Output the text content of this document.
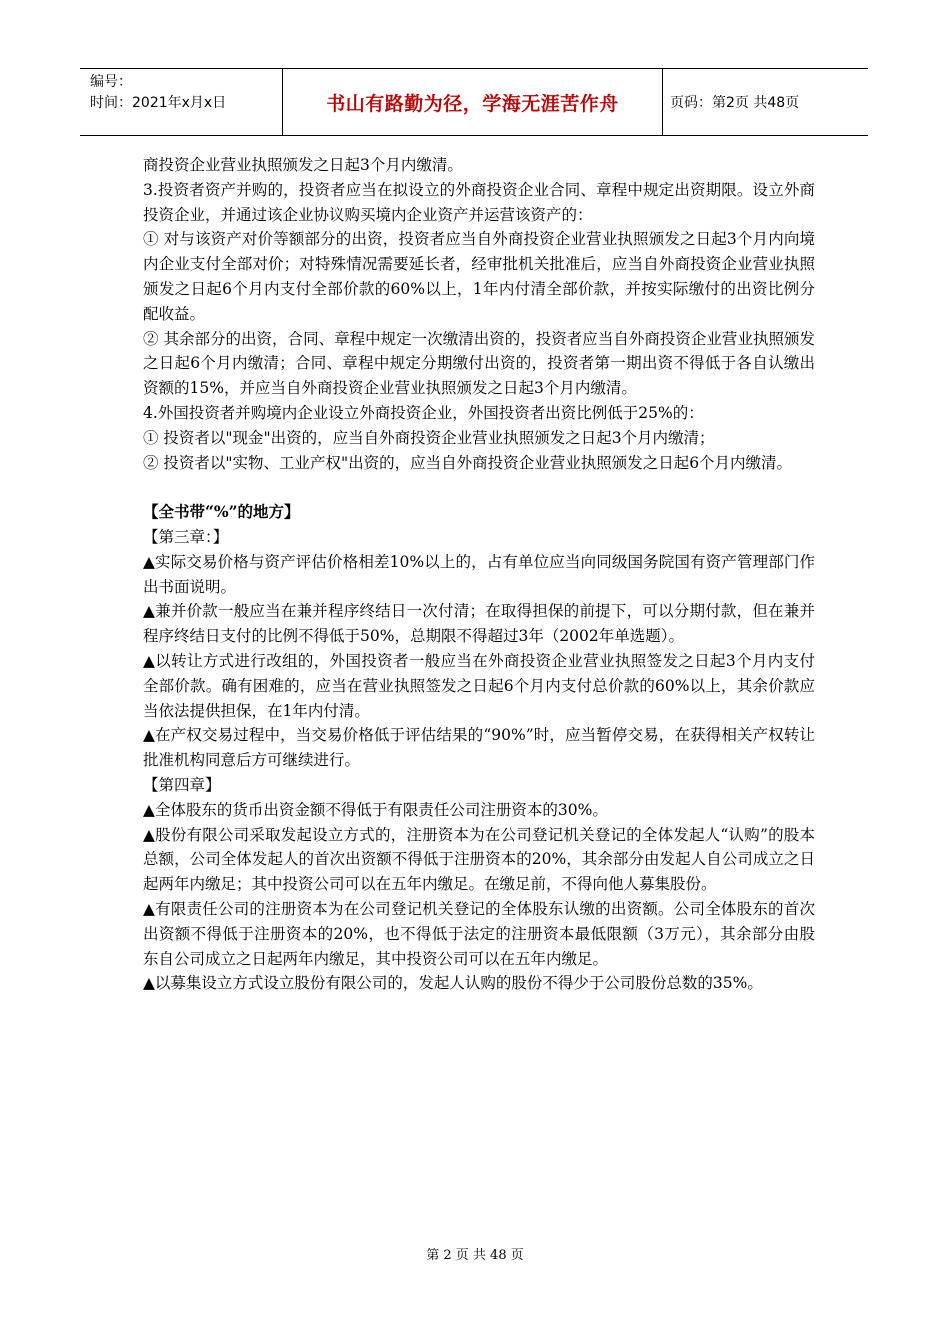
编号：
时间：2021年x月x日	书山有路勤为径，学海无涯苦作舟	页码：第2页 共48页

商投资企业营业执照颁发之日起3个月内缴清。

3.投资者资产并购的，投资者应当在拟设立的外商投资企业合同、章程中规定出资期限。设立外商投资企业，并通过该企业协议购买境内企业资产并运营该资产的：

① 对与该资产对价等额部分的出资，投资者应当自外商投资企业营业执照颁发之日起3个月内向境内企业支付全部对价；对特殊情况需要延长者，经审批机关批准后，应当自外商投资企业营业执照颁发之日起6个月内支付全部价款的60%以上，1年内付清全部价款，并按实际缴付的出资比例分配收益。

② 其余部分的出资，合同、章程中规定一次缴清出资的，投资者应当自外商投资企业营业执照颁发之日起6个月内缴清；合同、章程中规定分期缴付出资的，投资者第一期出资不得低于各自认缴出资额的15%，并应当自外商投资企业营业执照颁发之日起3个月内缴清。

4.外国投资者并购境内企业设立外商投资企业，外国投资者出资比例低于25%的：

① 投资者以"现金"出资的，应当自外商投资企业营业执照颁发之日起3个月内缴清；

② 投资者以"实物、工业产权"出资的，应当自外商投资企业营业执照颁发之日起6个月内缴清。

【全书带“%”的地方】

【第三章：】

▲实际交易价格与资产评估价格相差10%以上的，占有单位应当向同级国务院国有资产管理部门作出书面说明。

▲兼并价款一般应当在兼并程序终结日一次付清；在取得担保的前提下，可以分期付款，但在兼并程序终结日支付的比例不得低于50%，总期限不得超过3年（2002年单选题）。

▲以转让方式进行改组的，外国投资者一般应当在外商投资企业营业执照签发之日起3个月内支付全部价款。确有困难的，应当在营业执照签发之日起6个月内支付总价款的60%以上，其余价款应当依法提供担保，在1年内付清。

▲在产权交易过程中，当交易价格低于评估结果的“90%”时，应当暂停交易，在获得相关产权转让批准机构同意后方可继续进行。

【第四章】

▲全体股东的货币出资金额不得低于有限责任公司注册资本的30%。

▲股份有限公司采取发起设立方式的，注册资本为在公司登记机关登记的全体发起人“认购”的股本总额，公司全体发起人的首次出资额不得低于注册资本的20%，其余部分由发起人自公司成立之日起两年内缴足；其中投资公司可以在五年内缴足。在缴足前，不得向他人募集股份。

▲有限责任公司的注册资本为在公司登记机关登记的全体股东认缴的出资额。公司全体股东的首次出资额不得低于注册资本的20%，也不得低于法定的注册资本最低限额（3万元），其余部分由股东自公司成立之日起两年内缴足，其中投资公司可以在五年内缴足。

▲以募集设立方式设立股份有限公司的，发起人认购的股份不得少于公司股份总数的35%。

第 2 页 共 48 页
